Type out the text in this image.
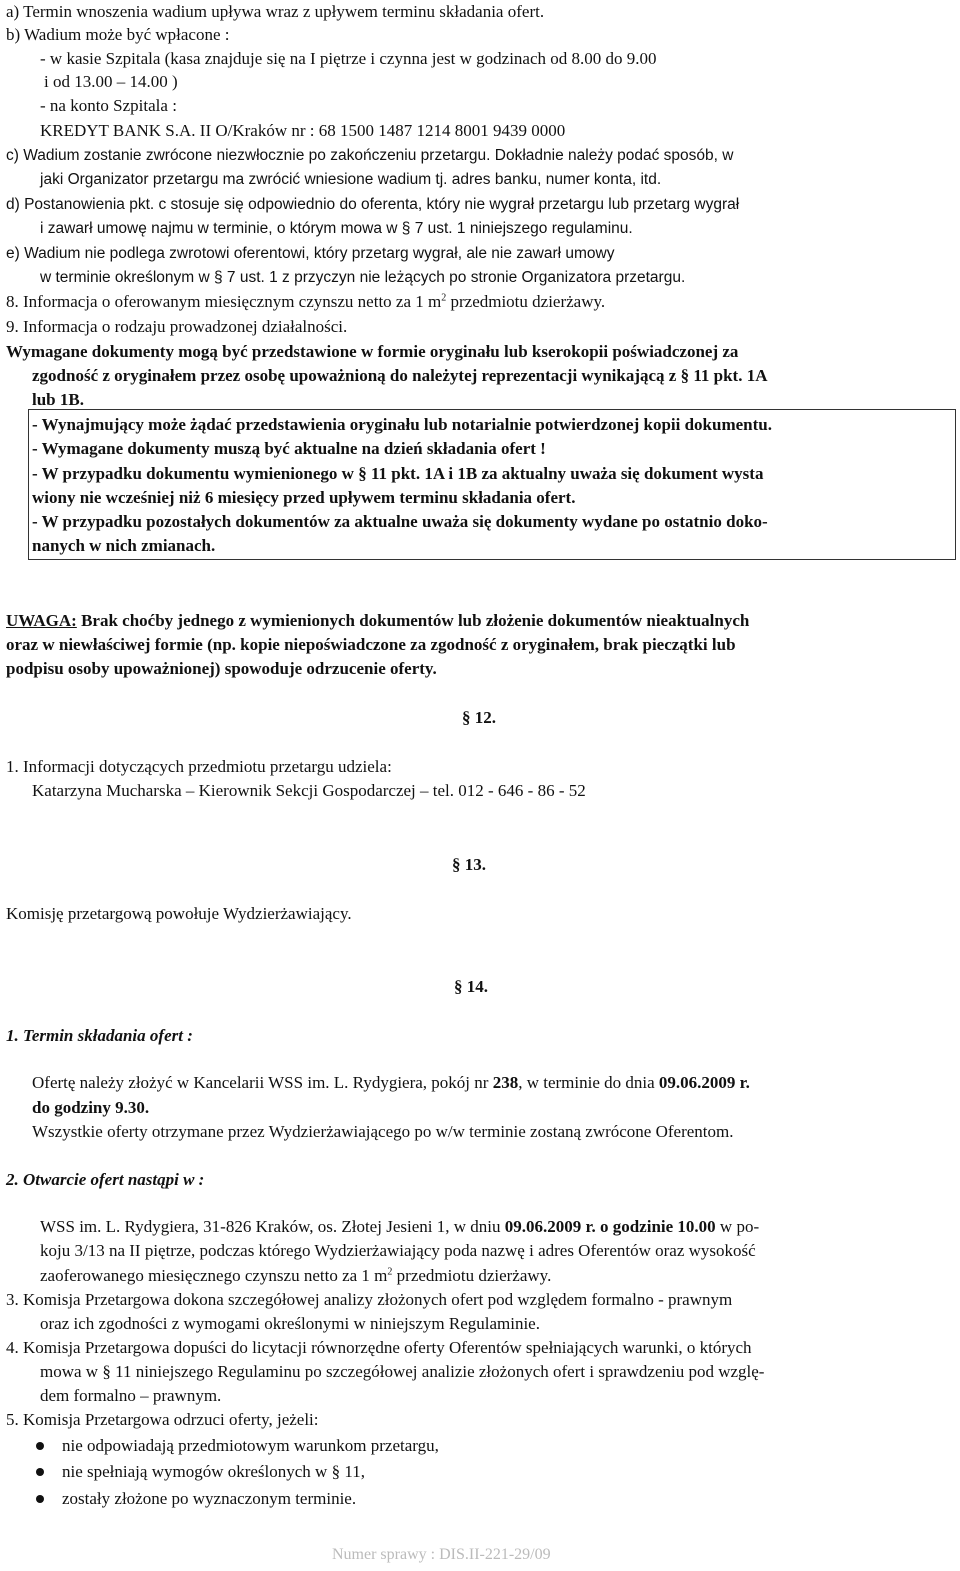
a) Termin wnoszenia wadium upływa wraz z upływem terminu składania ofert.
b) Wadium może być wpłacone :
- w kasie Szpitala (kasa znajduje się na I piętrze i czynna jest w godzinach od 8.00 do 9.00
i od 13.00 – 14.00 )
- na konto Szpitala :
KREDYT BANK S.A. II O/Kraków nr : 68 1500 1487 1214 8001 9439 0000
c) Wadium zostanie zwrócone niezwłocznie po zakończeniu przetargu. Dokładnie należy podać sposób, w
jaki Organizator przetargu ma zwrócić wniesione wadium tj. adres banku, numer konta, itd.
d) Postanowienia pkt. c stosuje się odpowiednio do oferenta, który nie wygrał przetargu lub przetarg wygrał
i zawarł umowę najmu w terminie, o którym mowa w § 7 ust. 1 niniejszego regulaminu.
e) Wadium nie podlega zwrotowi oferentowi, który przetarg wygrał, ale nie zawarł umowy
w terminie określonym w § 7 ust. 1 z przyczyn nie leżących po stronie Organizatora przetargu.
8. Informacja o oferowanym miesięcznym czynszu netto za 1 $m^2$ przedmiotu dzierżawy.
9. Informacja o rodzaju prowadzonej działalności.
Wymagane dokumenty mogą być przedstawione w formie oryginału lub kserokopii poświadczonej za
zgodność z oryginałem przez osobę upoważnioną do należytej reprezentacji wynikającą z § 11 pkt. 1A
lub 1B.
- Wynajmujący może żądać przedstawienia oryginału lub notarialnie potwierdzonej kopii dokumentu.
- Wymagane dokumenty muszą być aktualne na dzień składania ofert !
- W przypadku dokumentu wymienionego w § 11 pkt. 1A i 1B za aktualny uważa się dokument wysta
wiony nie wcześniej niż 6 miesięcy przed upływem terminu składania ofert.
- W przypadku pozostałych dokumentów za aktualne uważa się dokumenty wydane po ostatnio doko-
nanych w nich zmianach.
UWAGA: Brak choćby jednego z wymienionych dokumentów lub złożenie dokumentów nieaktualnych
oraz w niewłaściwej formie (np. kopie niepoświadczone za zgodność z oryginałem, brak pieczątki lub
podpisu osoby upoważnionej) spowoduje odrzucenie oferty.
§ 12.
1. Informacji dotyczących przedmiotu przetargu udziela:
Katarzyna Mucharska – Kierownik Sekcji Gospodarczej – tel. 012 - 646 - 86 - 52
§ 13.
Komisję przetargową powołuje Wydzierżawiający.
§ 14.
1. Termin składania ofert :
Ofertę należy złożyć w Kancelarii WSS im. L. Rydygiera, pokój nr 238, w terminie do dnia 09.06.2009 r.
do godziny 9.30.
Wszystkie oferty otrzymane przez Wydzierżawiającego po w/w terminie zostaną zwrócone Oferentom.
2. Otwarcie ofert nastąpi w :
WSS im. L. Rydygiera, 31-826 Kraków, os. Złotej Jesieni 1, w dniu 09.06.2009 r. o godzinie 10.00 w po-
koju 3/13 na II piętrze, podczas którego Wydzierżawiający poda nazwę i adres Oferentów oraz wysokość
zaoferowanego miesięcznego czynszu netto za 1 $m^2$ przedmiotu dzierżawy.
3. Komisja Przetargowa dokona szczegółowej analizy złożonych ofert pod względem formalno - prawnym
oraz ich zgodności z wymogami określonymi w niniejszym Regulaminie.
4. Komisja Przetargowa dopuści do licytacji równorzędne oferty Oferentów spełniających warunki, o których
mowa w § 11 niniejszego Regulaminu po szczegółowej analizie złożonych ofert i sprawdzeniu pod wzglę-
dem formalno – prawnym.
5. Komisja Przetargowa odrzuci oferty, jeżeli:
nie odpowiadają przedmiotowym warunkom przetargu,
nie spełniają wymogów określonych w § 11,
zostały złożone po wyznaczonym terminie.
Numer sprawy : DIS.II-221-29/09
